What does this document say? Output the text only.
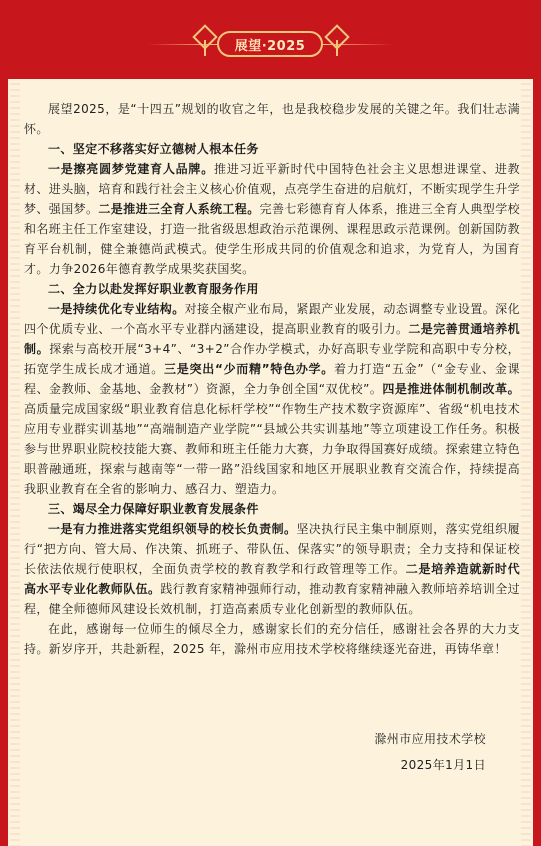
展望·2025

展望2025，是“十四五”规划的收官之年，也是我校稳步发展的关键之年。我们壮志满怀。

一、坚定不移落实好立德树人根本任务

一是擦亮圆梦党建育人品牌。推进习近平新时代中国特色社会主义思想进课堂、进教材、进头脑，培育和践行社会主义核心价值观，点亮学生奋进的启航灯，不断实现学生升学梦、强国梦。二是推进三全育人系统工程。完善七彩德育育人体系，推进三全育人典型学校和名班主任工作室建设，打造一批省级思想政治示范课例、课程思政示范课例。创新国防教育平台机制，健全兼德尚武模式。使学生形成共同的价值观念和追求，为党育人，为国育才。力争2026年德育教学成果奖获国奖。

二、全力以赴发挥好职业教育服务作用

一是持续优化专业结构。对接全椒产业布局，紧跟产业发展，动态调整专业设置。深化四个优质专业、一个高水平专业群内涵建设，提高职业教育的吸引力。二是完善贯通培养机制。探索与高校开展“3+4”、“3+2”合作办学模式，办好高职专业学院和高职中专分校，拓宽学生成长成才通道。三是突出“少而精”特色办学。着力打造“五金”（“金专业、金课程、金教师、金基地、金教材”）资源，全力争创全国“双优校”。四是推进体制机制改革。高质量完成国家级“职业教育信息化标杆学校”“作物生产技术数字资源库”、省级“机电技术应用专业群实训基地”“高端制造产业学院”“县域公共实训基地”等立项建设工作任务。积极参与世界职业院校技能大赛、教师和班主任能力大赛，力争取得国赛好成绩。探索建立特色职普融通班，探索与越南等“一带一路”沿线国家和地区开展职业教育交流合作，持续提高我职业教育在全省的影响力、感召力、塑造力。

三、竭尽全力保障好职业教育发展条件

一是有力推进落实党组织领导的校长负责制。坚决执行民主集中制原则，落实党组织履行“把方向、管大局、作决策、抓班子、带队伍、保落实”的领导职责；全力支持和保证校长依法依规行使职权，全面负责学校的教育教学和行政管理等工作。二是培养造就新时代高水平专业化教师队伍。践行教育家精神强师行动，推动教育家精神融入教师培养培训全过程，健全师德师风建设长效机制，打造高素质专业化创新型的教师队伍。

在此，感谢每一位师生的倾尽全力，感谢家长们的充分信任，感谢社会各界的大力支持。新岁序开，共赴新程，2025 年，滁州市应用技术学校将继续逐光奋进，再铸华章！

滁州市应用技术学校

2025年1月1日
